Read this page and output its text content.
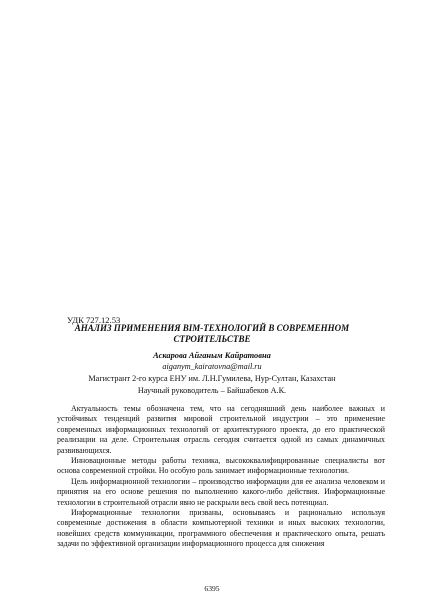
УДК 727.12.53
АНАЛИЗ ПРИМЕНЕНИЯ BIM-ТЕХНОЛОГИЙ В СОВРЕМЕННОМ
СТРОИТЕЛЬСТВЕ
Аскарова Айганым Кайратовна
aiganym_kairatovna@mail.ru
Магистрант 2-го курса ЕНУ им. Л.Н.Гумилева, Нур-Султан, Казахстан
Научный руководитель – Байшабеков А.К.

Актуальность темы обозначена тем, что на сегодняшний день наиболее важных и устойчивых тенденций развития мировой строительной индустрии – это применение современных информационных технологий от архитектурного проекта, до его практической реализации на деле. Строительная отрасль сегодня считается одной из самых динамичных развивающихся.

Инновационные методы работы техника, высококвалифицированные специалисты вот основа современной стройки. Но особую роль занимает информационные технологии.

Цель информационной технологии – производство информации для ее анализа человеком и принятия на его основе решения по выполнению какого-либо действия. Информационные технологии в строительной отрасли явно не раскрыли весь свой весь потенциал.

Информационные технологии призваны, основываясь и рационально используя современные достижения в области компьютерной техники и иных высоких технологии, новейших средств коммуникации, программного обеспечения и практического опыта, решать задачи по эффективной организации информационного процесса для снижения

6395
